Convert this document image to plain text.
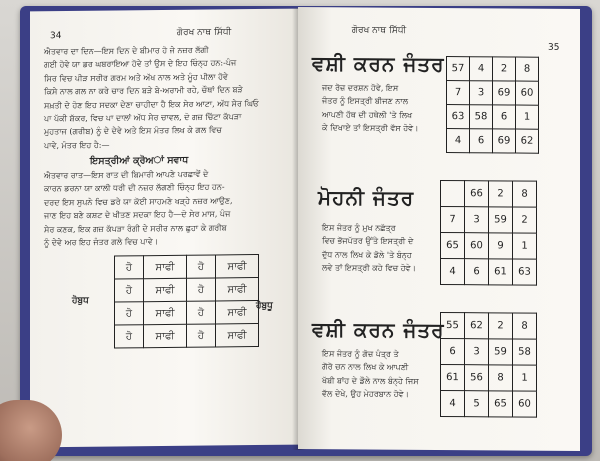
34	ਗੋਰਖ ਨਾਥ ਸਿੱਧੀ
ਐਤਵਾਰ ਦਾ ਦਿਨ—ਇਸ ਦਿਨ ਦੇ ਬੀਮਾਰ ਹੋ ਜੇ ਨਜ਼ਰ ਲੱਗੀ
ਗਈ ਹੋਵੇ ਯਾ ਡਰ ਘਬਰਾਇਆ ਹੋਵੇ ਤਾਂ ਉਸ ਦੇ ਇਹ ਚਿੰਨ੍ਹ ਹਨ:-ਪੰਜ
ਸਿਰ ਵਿਚ ਪੀੜ ਸਰੀਰ ਗਰਮ ਅਤੇ ਅੱਖ ਨਾਲ ਅਤੇ ਮੂੰਹ ਪੀਲਾ ਹੋਵੇ
ਕਿਸੇ ਨਾਲ ਗਲ ਨਾ ਕਰੇ ਚਾਰ ਦਿਨ ਬੜੇ ਬੇ-ਅਰਾਮੀ ਰਹੇ, ਚੌਥਾਂ ਦਿਨ ਬੜੇ
ਸਖ਼ਤੀ ਦੇ ਹੋਣ ਇਹ ਸਦਕਾ ਦੇਣਾ ਚਾਹੀਦਾ ਹੈ ਇਕ ਸੇਰ ਆਟਾ, ਅੱਧ ਸੇਰ ਘਿਓ
ਪਾ ਪੱਕੀ ਸ਼ੱਕਰ, ਵਿਚ ਪਾ ਦਾਲਾਂ ਅੱਧ ਸੇਰ ਚਾਵਲ, ਦੋ ਗਜ਼ ਚਿੱਟਾ ਕੱਪੜਾ
ਮੁਹਤਾਜ (ਗਰੀਬ) ਨੂੰ ਦੇ ਦੇਵੇ ਅਤੇ ਇਸ ਮੰਤਰ ਲਿਖ ਕੇ ਗਲ ਵਿਚ
ਪਾਵੇ, ਮੰਤਰ ਇਹ ਹੈ:—
ਇਸਤ੍ਰੀਆਂ ਕ੍ਰੋਅਾਂ ਸਵਾਧ
ਐਤਵਾਰ ਰਾਤ—ਇਸ ਰਾਤ ਦੀ ਬਿਮਾਰੀ ਆਪਣੇ ਪਰਛਾਵੇਂ ਦੇ
ਕਾਰਨ ਡਰਨਾ ਯਾ ਕਾਲੀ ਧਰੀ ਦੀ ਨਜ਼ਰ ਲੱਗਣੀ ਚਿੰਨ੍ਹ ਇਹ ਹਨ-
ਦਰਦ ਇਸ ਸੁਪਨੇ ਵਿਚ ਡਰੇ ਯਾ ਕੋਈ ਸਾਹਮਣੇ ਖੜ੍ਹੇ ਨਜ਼ਰ ਆਉਣ,
ਜਾਣ ਇਹ ਬਣੇ ਕਸ਼ਟ ਦੇ ਖੀਤਣ ਸਦਕਾ ਇਹ ਹੈ—ਦੋ ਸੇਰ ਮਾਸ, ਪੰਜ
ਸੇਰ ਕਣਕ, ਇਕ ਗਜ਼ ਕੱਪੜਾ ਰੰਗੀ ਦੇ ਸਰੀਰ ਨਾਲ ਛੁਹਾ ਕੇ ਗਰੀਬ
ਨੂੰ ਦੇਵੇ ਅਰ ਇਹ ਜੰਤਰ ਗਲੇ ਵਿਚ ਪਾਵੇ।
ਹੋ	ਸਾਫੀ	ਹੋ	ਸਾਫੀ
ਹੋ	ਸਾਫੀ	ਹੋ	ਸਾਫੀ
ਹੋ	ਸਾਫੀ	ਹੋ	ਸਾਫੀ
ਹੋ	ਸਾਫੀ	ਹੋ	ਸਾਫੀ
ਹੋਬੁਧ	ਹੋਬੁਧੂ
ਗੋਰਖ ਨਾਥ ਸਿੱਧੀ
35
ਵਸ਼ੀ ਕਰਨ ਜੰਤਰ
ਜਦ ਰੋਜ਼ ਦਰਸ਼ਨ ਹੋਵੇ, ਇਸ
ਜੰਤਰ ਨੂੰ ਇਸਤ੍ਰੀ ਬੀਜਣ ਨਾਲ
ਆਪਣੀ ਹੱਥ ਦੀ ਹਥੇਲੀ 'ਤੇ ਲਿਖ
ਕੇ ਦਿਖਾਏ ਤਾਂ ਇਸਤ੍ਰੀ ਵੱਸ ਹੋਵੇ।
57	4	2	8
7	3	69	60
63	58	6	1
4	6	69	62
ਮੋਹਨੀ ਜੰਤਰ
ਇਸ ਜੰਤਰ ਨੂੰ ਮੁਖ ਨਛੱਤ੍ਰ
ਵਿਚ ਭੋਜਪੱਤਰ ਉੱਤੇ ਇਸਤ੍ਰੀ ਦੇ
ਦੁੱਧ ਨਾਲ ਲਿਖ ਕੇ ਡੋਲੇ 'ਤੇ ਬੰਨ੍ਹ
ਲਵੇ ਤਾਂ ਇਸਤ੍ਰੀ ਕਹੇ ਵਿਚ ਹੋਵੇ।
	66	2	8
7	3	59	2
65	60	9	1
4	6	61	63
ਵਸ਼ੀ ਕਰਨ ਜੰਤਰ
ਇਸ ਜੰਤਰ ਨੂੰ ਗੋਜ਼ ਪੰਤ੍ਰ ਤੇ
ਗੋਰੋ ਚਨ ਨਾਲ ਲਿਖ ਕੇ ਆਪਣੀ
ਖੱਬੀ ਬਾਂਹ ਦੇ ਡੌਲੇ ਨਾਲ ਬੰਨ੍ਹੇ ਜਿਸ
ਵੱਲ ਦੇਖੇ, ਉਹ ਮੇਹਰਬਾਨ ਹੋਵੇ।
55	62	2	8
6	3	59	58
61	56	8	1
4	5	65	60
